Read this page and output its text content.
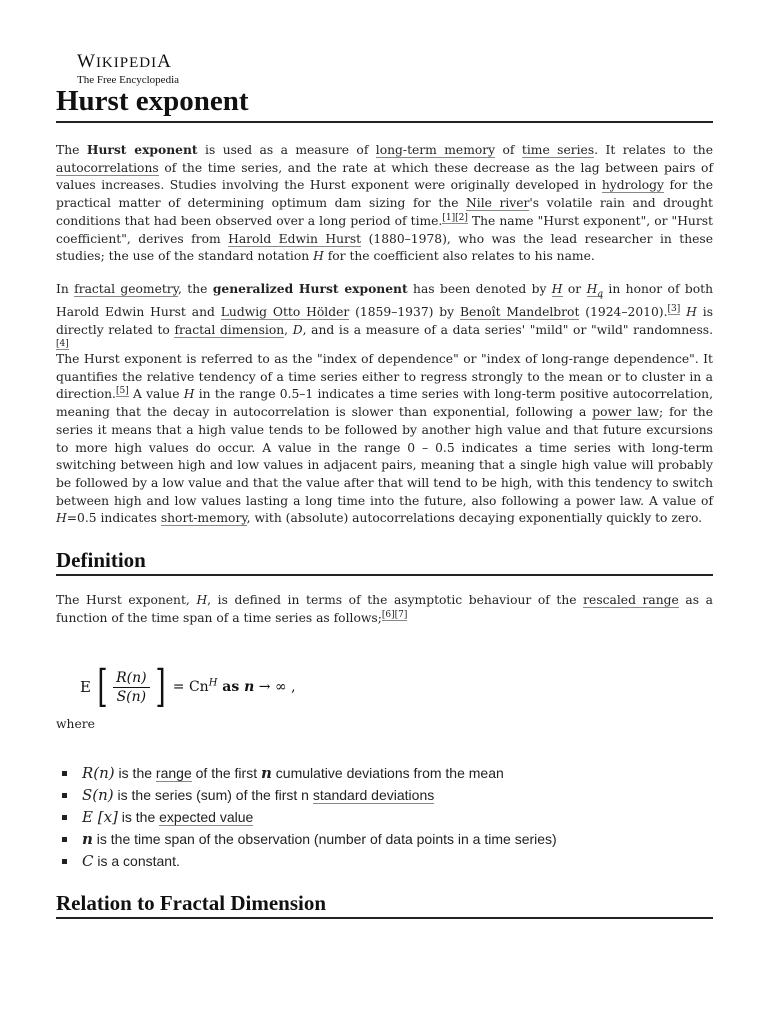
WIKIPEDIA
The Free Encyclopedia
Hurst exponent

The Hurst exponent is used as a measure of long-term memory of time series. It relates to the autocorrelations of the time series, and the rate at which these decrease as the lag between pairs of values increases. Studies involving the Hurst exponent were originally developed in hydrology for the practical matter of determining optimum dam sizing for the Nile river's volatile rain and drought conditions that had been observed over a long period of time.[1][2] The name "Hurst exponent", or "Hurst coefficient", derives from Harold Edwin Hurst (1880–1978), who was the lead researcher in these studies; the use of the standard notation H for the coefficient also relates to his name.

In fractal geometry, the generalized Hurst exponent has been denoted by H or $H_q$ in honor of both Harold Edwin Hurst and Ludwig Otto Hölder (1859–1937) by Benoît Mandelbrot (1924–2010).[3] H is directly related to fractal dimension, D, and is a measure of a data series' "mild" or "wild" randomness.[4]

The Hurst exponent is referred to as the "index of dependence" or "index of long-range dependence". It quantifies the relative tendency of a time series either to regress strongly to the mean or to cluster in a direction.[5] A value H in the range 0.5–1 indicates a time series with long-term positive autocorrelation, meaning that the decay in autocorrelation is slower than exponential, following a power law; for the series it means that a high value tends to be followed by another high value and that future excursions to more high values do occur. A value in the range 0 – 0.5 indicates a time series with long-term switching between high and low values in adjacent pairs, meaning that a single high value will probably be followed by a low value and that the value after that will tend to be high, with this tendency to switch between high and low values lasting a long time into the future, also following a power law. A value of H=0.5 indicates short-memory, with (absolute) autocorrelations decaying exponentially quickly to zero.

Definition

The Hurst exponent, H, is defined in terms of the asymptotic behaviour of the rescaled range as a function of the time span of a time series as follows;[6][7]

E [ $\frac{R(n)}{S(n)}$ ] = $Cn^H$ as n → ∞ ,
where
R(n) is the range of the first n cumulative deviations from the mean
S(n) is the series (sum) of the first n standard deviations
E [x] is the expected value
n is the time span of the observation (number of data points in a time series)
C is a constant.
Relation to Fractal Dimension
